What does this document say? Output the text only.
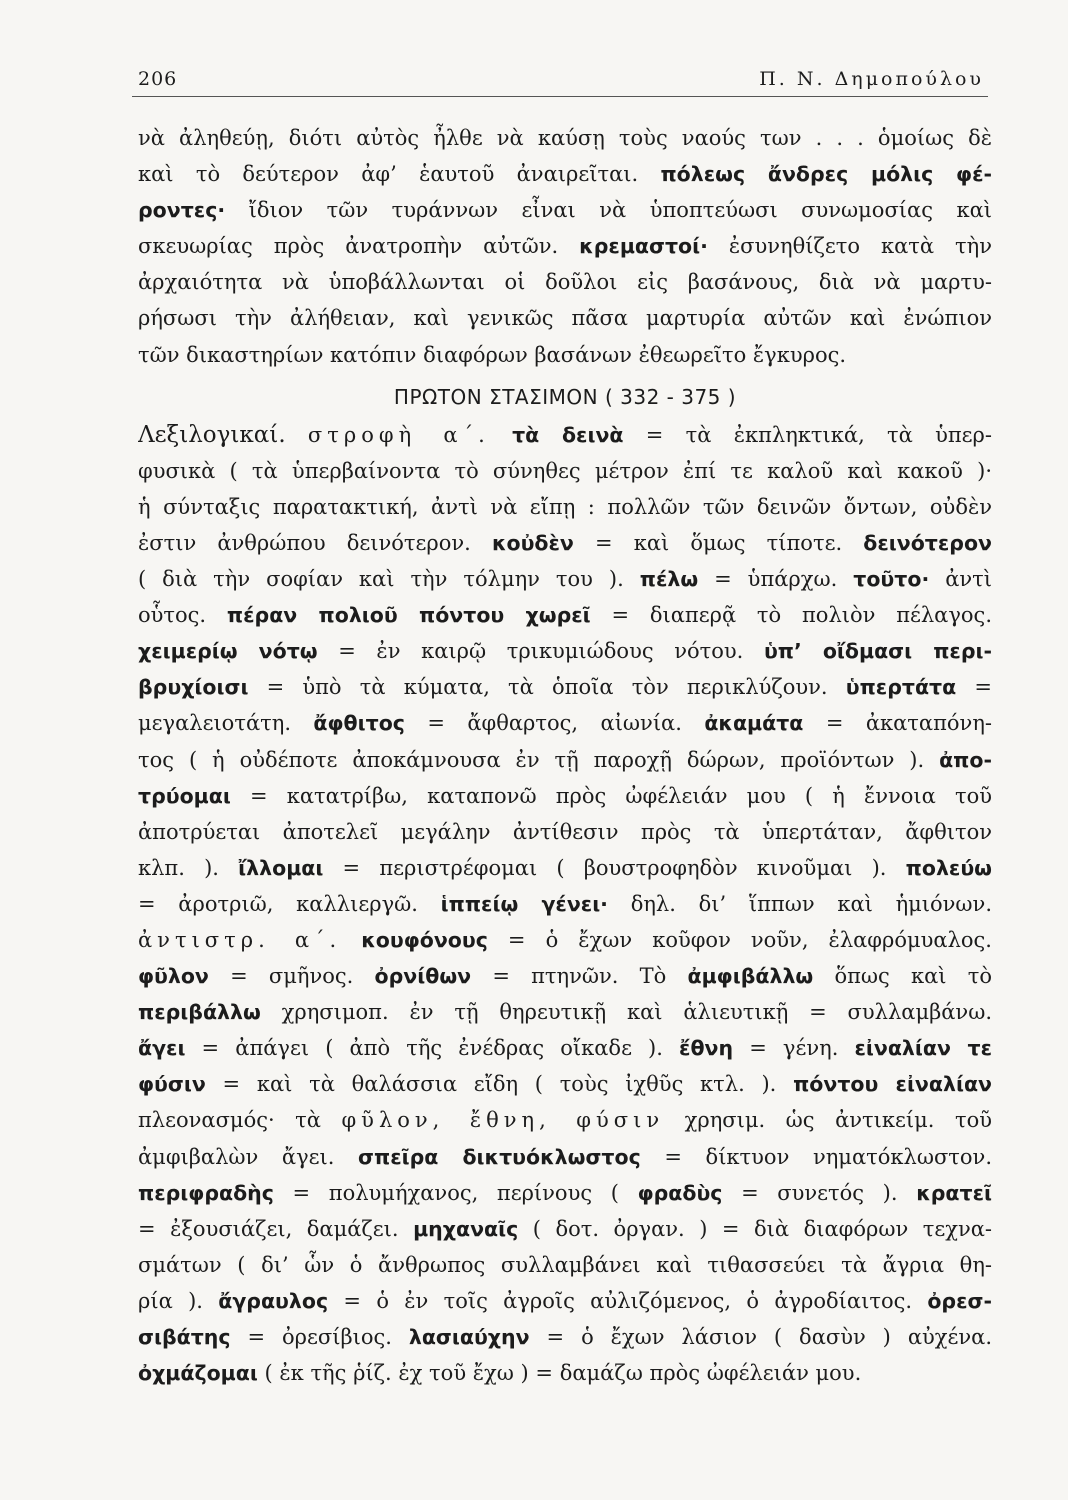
206	Π. Ν. Δημοπούλου
νὰ ἀληθεύῃ, διότι αὐτὸς ἦλθε νὰ καύσῃ τοὺς ναούς των . . . ὁμοίως δὲ
καὶ τὸ δεύτερον ἀφ’ ἑαυτοῦ ἀναιρεῖται. πόλεως ἄνδρες μόλις φέ-
ροντες· ἴδιον τῶν τυράννων εἶναι νὰ ὑποπτεύωσι συνωμοσίας καὶ
σκευωρίας πρὸς ἀνατροπὴν αὐτῶν. κρεμαστοί· ἐσυνηθίζετο κατὰ τὴν
ἀρχαιότητα νὰ ὑποβάλλωνται οἱ δοῦλοι εἰς βασάνους, διὰ νὰ μαρτυ-
ρήσωσι τὴν ἀλήθειαν, καὶ γενικῶς πᾶσα μαρτυρία αὐτῶν καὶ ἐνώπιον
τῶν δικαστηρίων κατόπιν διαφόρων βασάνων ἐθεωρεῖτο ἔγκυρος.
ΠΡΩΤΟΝ ΣΤΑΣΙΜΟΝ ( 332 - 375 )
Λεξιλογικαί. στροφὴ α΄. τὰ δεινὰ = τὰ ἐκπληκτικά, τὰ ὑπερ-
φυσικὰ ( τὰ ὑπερβαίνοντα τὸ σύνηθες μέτρον ἐπί τε καλοῦ καὶ κακοῦ )·
ἡ σύνταξις παρατακτική, ἀντὶ νὰ εἴπῃ : πολλῶν τῶν δεινῶν ὄντων, οὐδὲν
ἐστιν ἀνθρώπου δεινότερον. κοὐδὲν = καὶ ὅμως τίποτε. δεινότερον
( διὰ τὴν σοφίαν καὶ τὴν τόλμην του ). πέλω = ὑπάρχω. τοῦτο· ἀντὶ
οὗτος. πέραν πολιοῦ πόντου χωρεῖ = διαπερᾷ τὸ πολιὸν πέλαγος.
χειμερίῳ νότῳ = ἐν καιρῷ τρικυμιώδους νότου. ὑπ’ οἴδμασι περι-
βρυχίοισι = ὑπὸ τὰ κύματα, τὰ ὁποῖα τὸν περικλύζουν. ὑπερτάτα =
μεγαλειοτάτη. ἄφθιτος = ἄφθαρτος, αἰωνία. ἀκαμάτα = ἀκαταπόνη-
τος ( ἡ οὐδέποτε ἀποκάμνουσα ἐν τῇ παροχῇ δώρων, προϊόντων ). ἀπο-
τρύομαι = κατατρίβω, καταπονῶ πρὸς ὠφέλειάν μου ( ἡ ἔννοια τοῦ
ἀποτρύεται ἀποτελεῖ μεγάλην ἀντίθεσιν πρὸς τὰ ὑπερτάταν, ἄφθιτον
κλπ. ). ἴλλομαι = περιστρέφομαι ( βουστροφηδὸν κινοῦμαι ). πολεύω
= ἀροτριῶ, καλλιεργῶ. ἱππείῳ γένει· δηλ. δι’ ἵππων καὶ ἡμιόνων.
ἀντιστρ. α΄. κουφόνους = ὁ ἔχων κοῦφον νοῦν, ἐλαφρόμυαλος.
φῦλον = σμῆνος. ὀρνίθων = πτηνῶν. Τὸ ἀμφιβάλλω ὅπως καὶ τὸ
περιβάλλω χρησιμοπ. ἐν τῇ θηρευτικῇ καὶ ἁλιευτικῇ = συλλαμβάνω.
ἄγει = ἀπάγει ( ἀπὸ τῆς ἐνέδρας οἴκαδε ). ἔθνη = γένη. εἰναλίαν τε
φύσιν = καὶ τὰ θαλάσσια εἴδη ( τοὺς ἰχθῦς κτλ. ). πόντου εἰναλίαν
πλεονασμός· τὰ φῦλον, ἔθνη, φύσιν χρησιμ. ὡς ἀντικείμ. τοῦ
ἀμφιβαλὼν ἄγει. σπεῖρα δικτυόκλωστος = δίκτυον νηματόκλωστον.
περιφραδὴς = πολυμήχανος, περίνους ( φραδὺς = συνετός ). κρατεῖ
= ἐξουσιάζει, δαμάζει. μηχαναῖς ( δοτ. ὀργαν. ) = διὰ διαφόρων τεχνα-
σμάτων ( δι’ ὧν ὁ ἄνθρωπος συλλαμβάνει καὶ τιθασσεύει τὰ ἄγρια θη-
ρία ). ἄγραυλος = ὁ ἐν τοῖς ἀγροῖς αὐλιζόμενος, ὁ ἀγροδίαιτος. ὀρεσ-
σιβάτης = ὀρεσίβιος. λασιαύχην = ὁ ἔχων λάσιον ( δασὺν ) αὐχένα.
ὀχμάζομαι ( ἐκ τῆς ῥίζ. ἐχ τοῦ ἔχω ) = δαμάζω πρὸς ὠφέλειάν μου.
